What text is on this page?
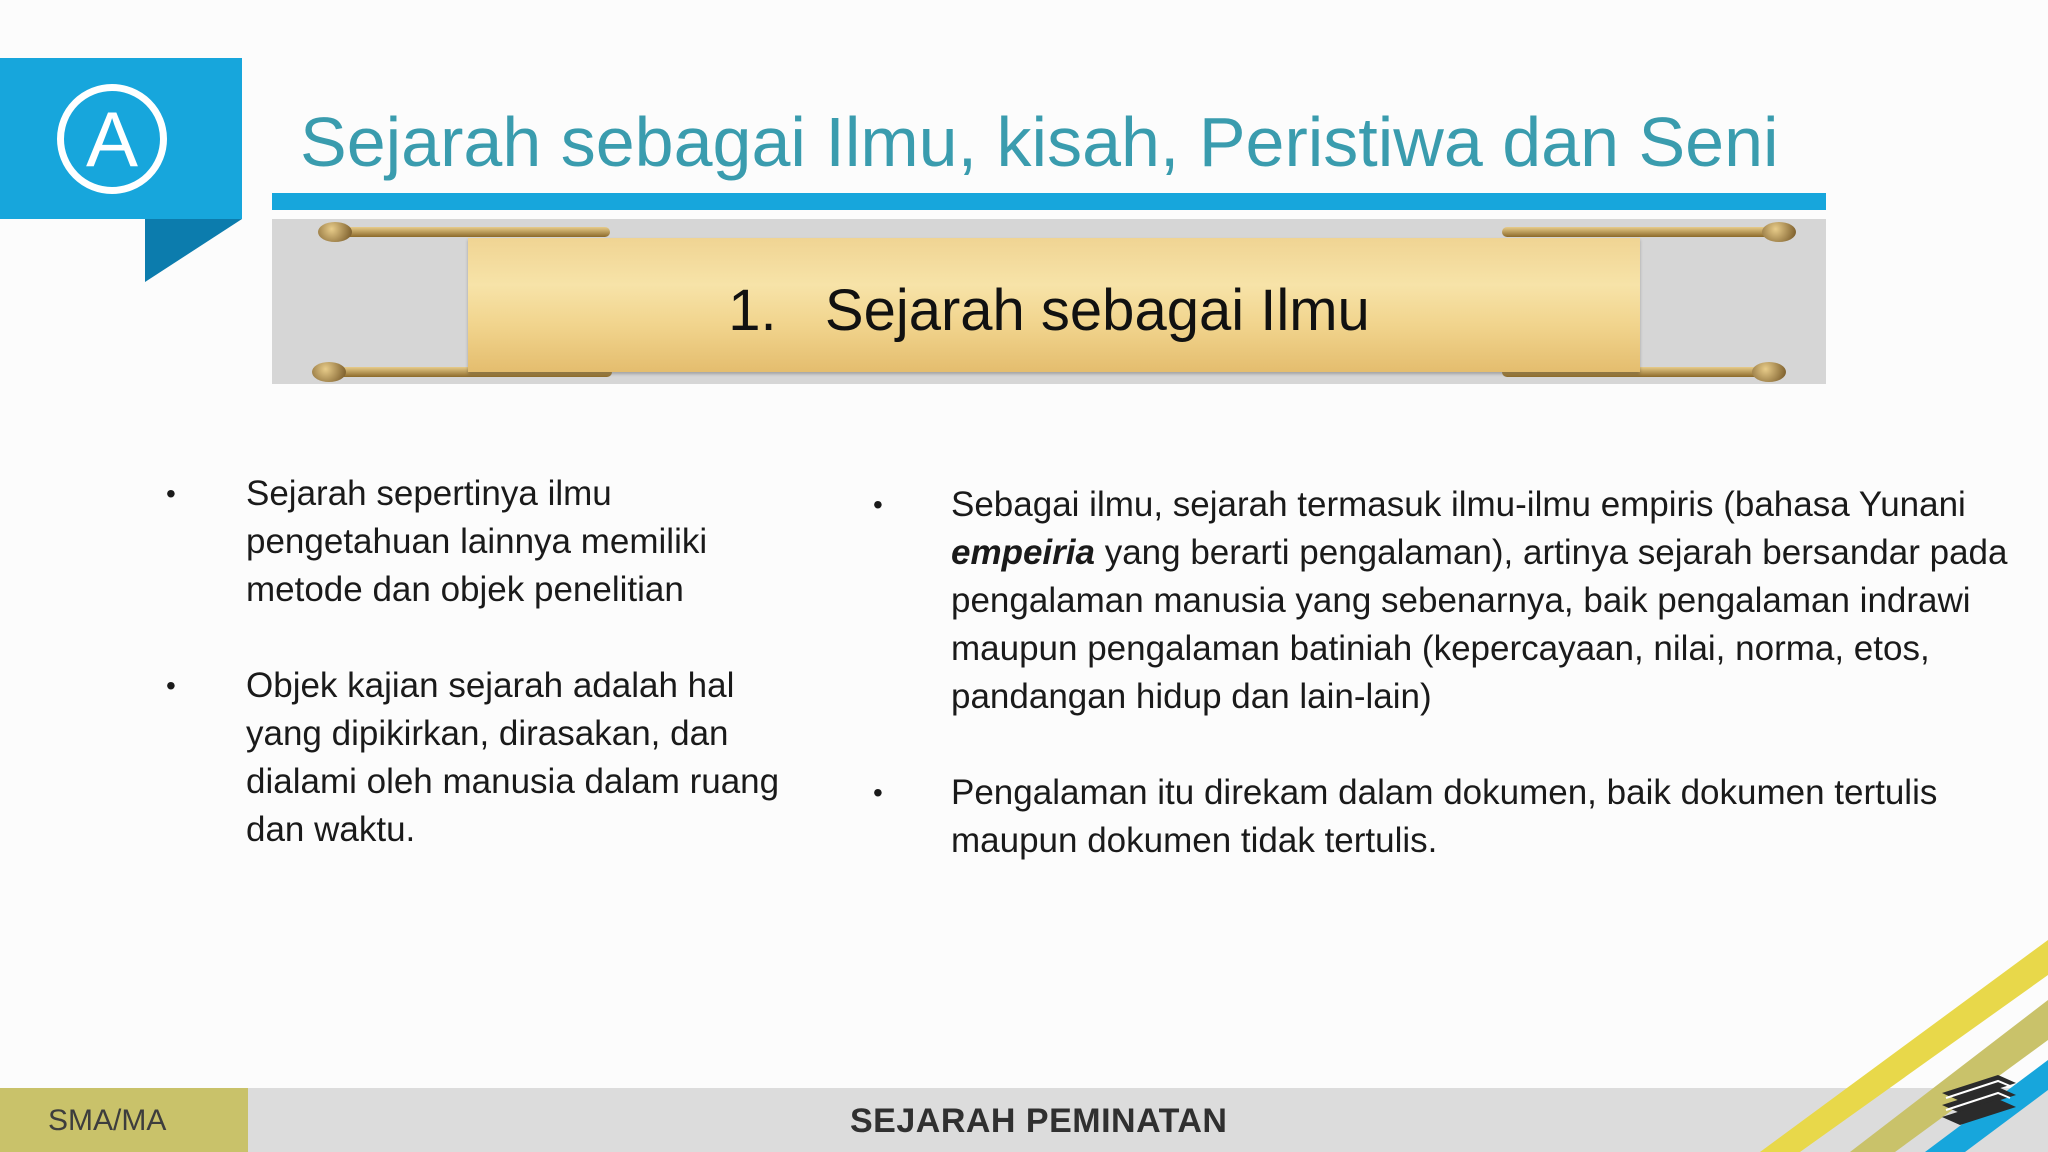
A	Sejarah sebagai Ilmu, kisah, Peristiwa dan Seni
1.   Sejarah sebagai Ilmu
• Sejarah sepertinya ilmu pengetahuan lainnya memiliki metode dan objek penelitian
• Objek kajian sejarah adalah hal yang dipikirkan, dirasakan, dan dialami oleh manusia dalam ruang dan waktu.
• Sebagai ilmu, sejarah termasuk ilmu-ilmu empiris (bahasa Yunani empeiria yang berarti pengalaman), artinya sejarah bersandar pada pengalaman manusia yang sebenarnya, baik pengalaman indrawi maupun pengalaman batiniah (kepercayaan, nilai, norma, etos, pandangan hidup dan lain-lain)
• Pengalaman itu direkam dalam dokumen, baik dokumen tertulis maupun dokumen tidak tertulis.
SMA/MA	SEJARAH PEMINATAN
